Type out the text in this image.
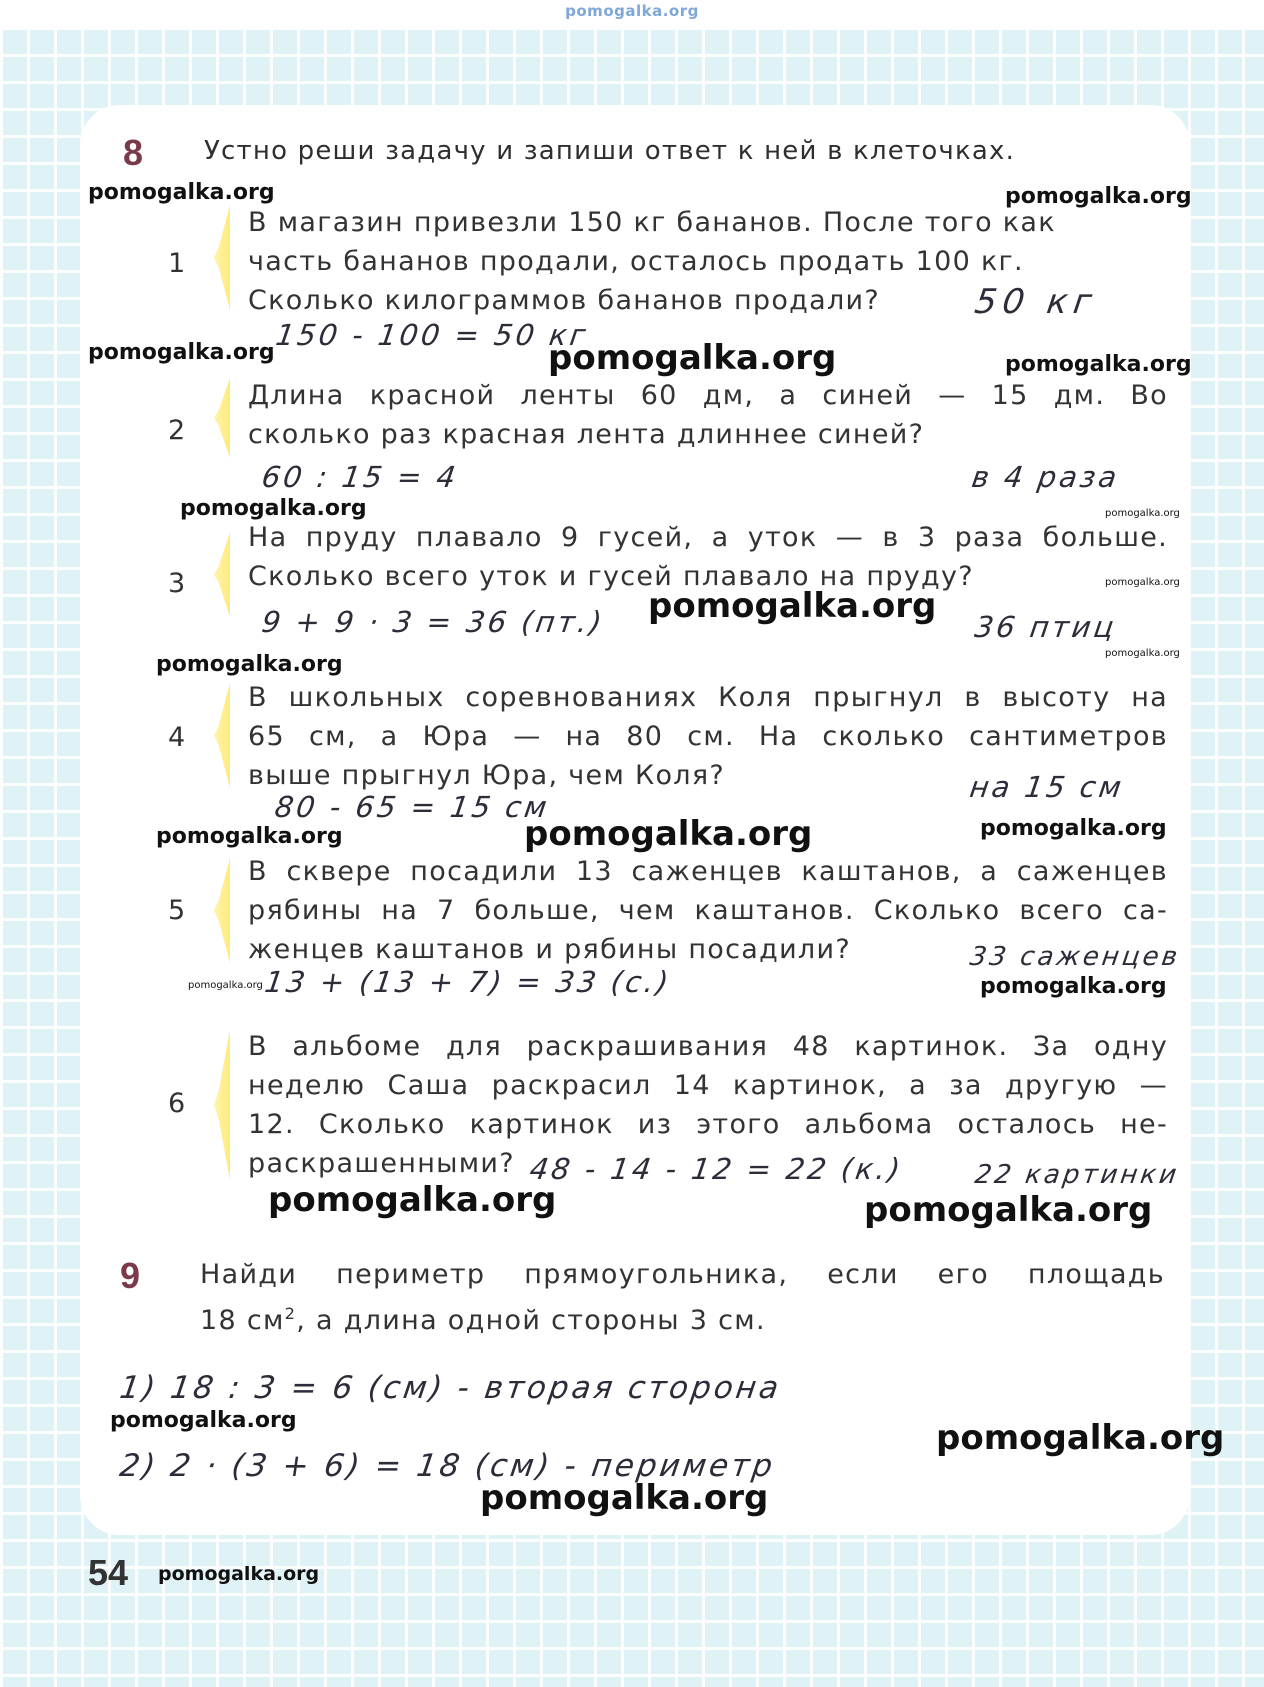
pomogalka.org
8 Устно реши задачу и запиши ответ к ней в клеточках.
1
В магазин привезли 150 кг бананов. После того как
часть бананов продали, осталось продать 100 кг.
Сколько килограммов бананов продали?
150 - 100 = 50 кг
50 кг
2
Длина красной ленты 60 дм, а синей — 15 дм. Во
сколько раз красная лента длиннее синей?
60 : 15 = 4	в 4 раза
3
На пруду плавало 9 гусей, а уток — в 3 раза больше.
Сколько всего уток и гусей плавало на пруду?
9 + 9 · 3 = 36 (пт.)	36 птиц
4
В школьных соревнованиях Коля прыгнул в высоту на
65 см, а Юра — на 80 см. На сколько сантиметров
выше прыгнул Юра, чем Коля?
80 - 65 = 15 см
на 15 см
5
В сквере посадили 13 саженцев каштанов, а саженцев
рябины на 7 больше, чем каштанов. Сколько всего са-
женцев каштанов и рябины посадили?
13 + (13 + 7) = 33 (с.)
33 саженцев
6
В альбоме для раскрашивания 48 картинок. За одну
неделю Саша раскрасил 14 картинок, а за другую —
12. Сколько картинок из этого альбома осталось не-
раскрашенными? 48 - 14 - 12 = 22 (к.)	22 картинки
9 Найди периметр прямоугольника, если его площадь
18 $см^2$, а длина одной стороны 3 см.
1) 18 : 3 = 6 (см) - вторая сторона
2) 2 · (3 + 6) = 18 (см) - периметр
54
pomogalka.org	pomogalka.org
pomogalka.org	pomogalka.org	pomogalka.org
pomogalka.org	pomogalka.org
pomogalka.org
pomogalka.org
pomogalka.org
pomogalka.org
pomogalka.org	pomogalka.org	pomogalka.org
pomogalka.org	pomogalka.org
pomogalka.org	pomogalka.org
pomogalka.org	pomogalka.org
pomogalka.org
pomogalka.org
